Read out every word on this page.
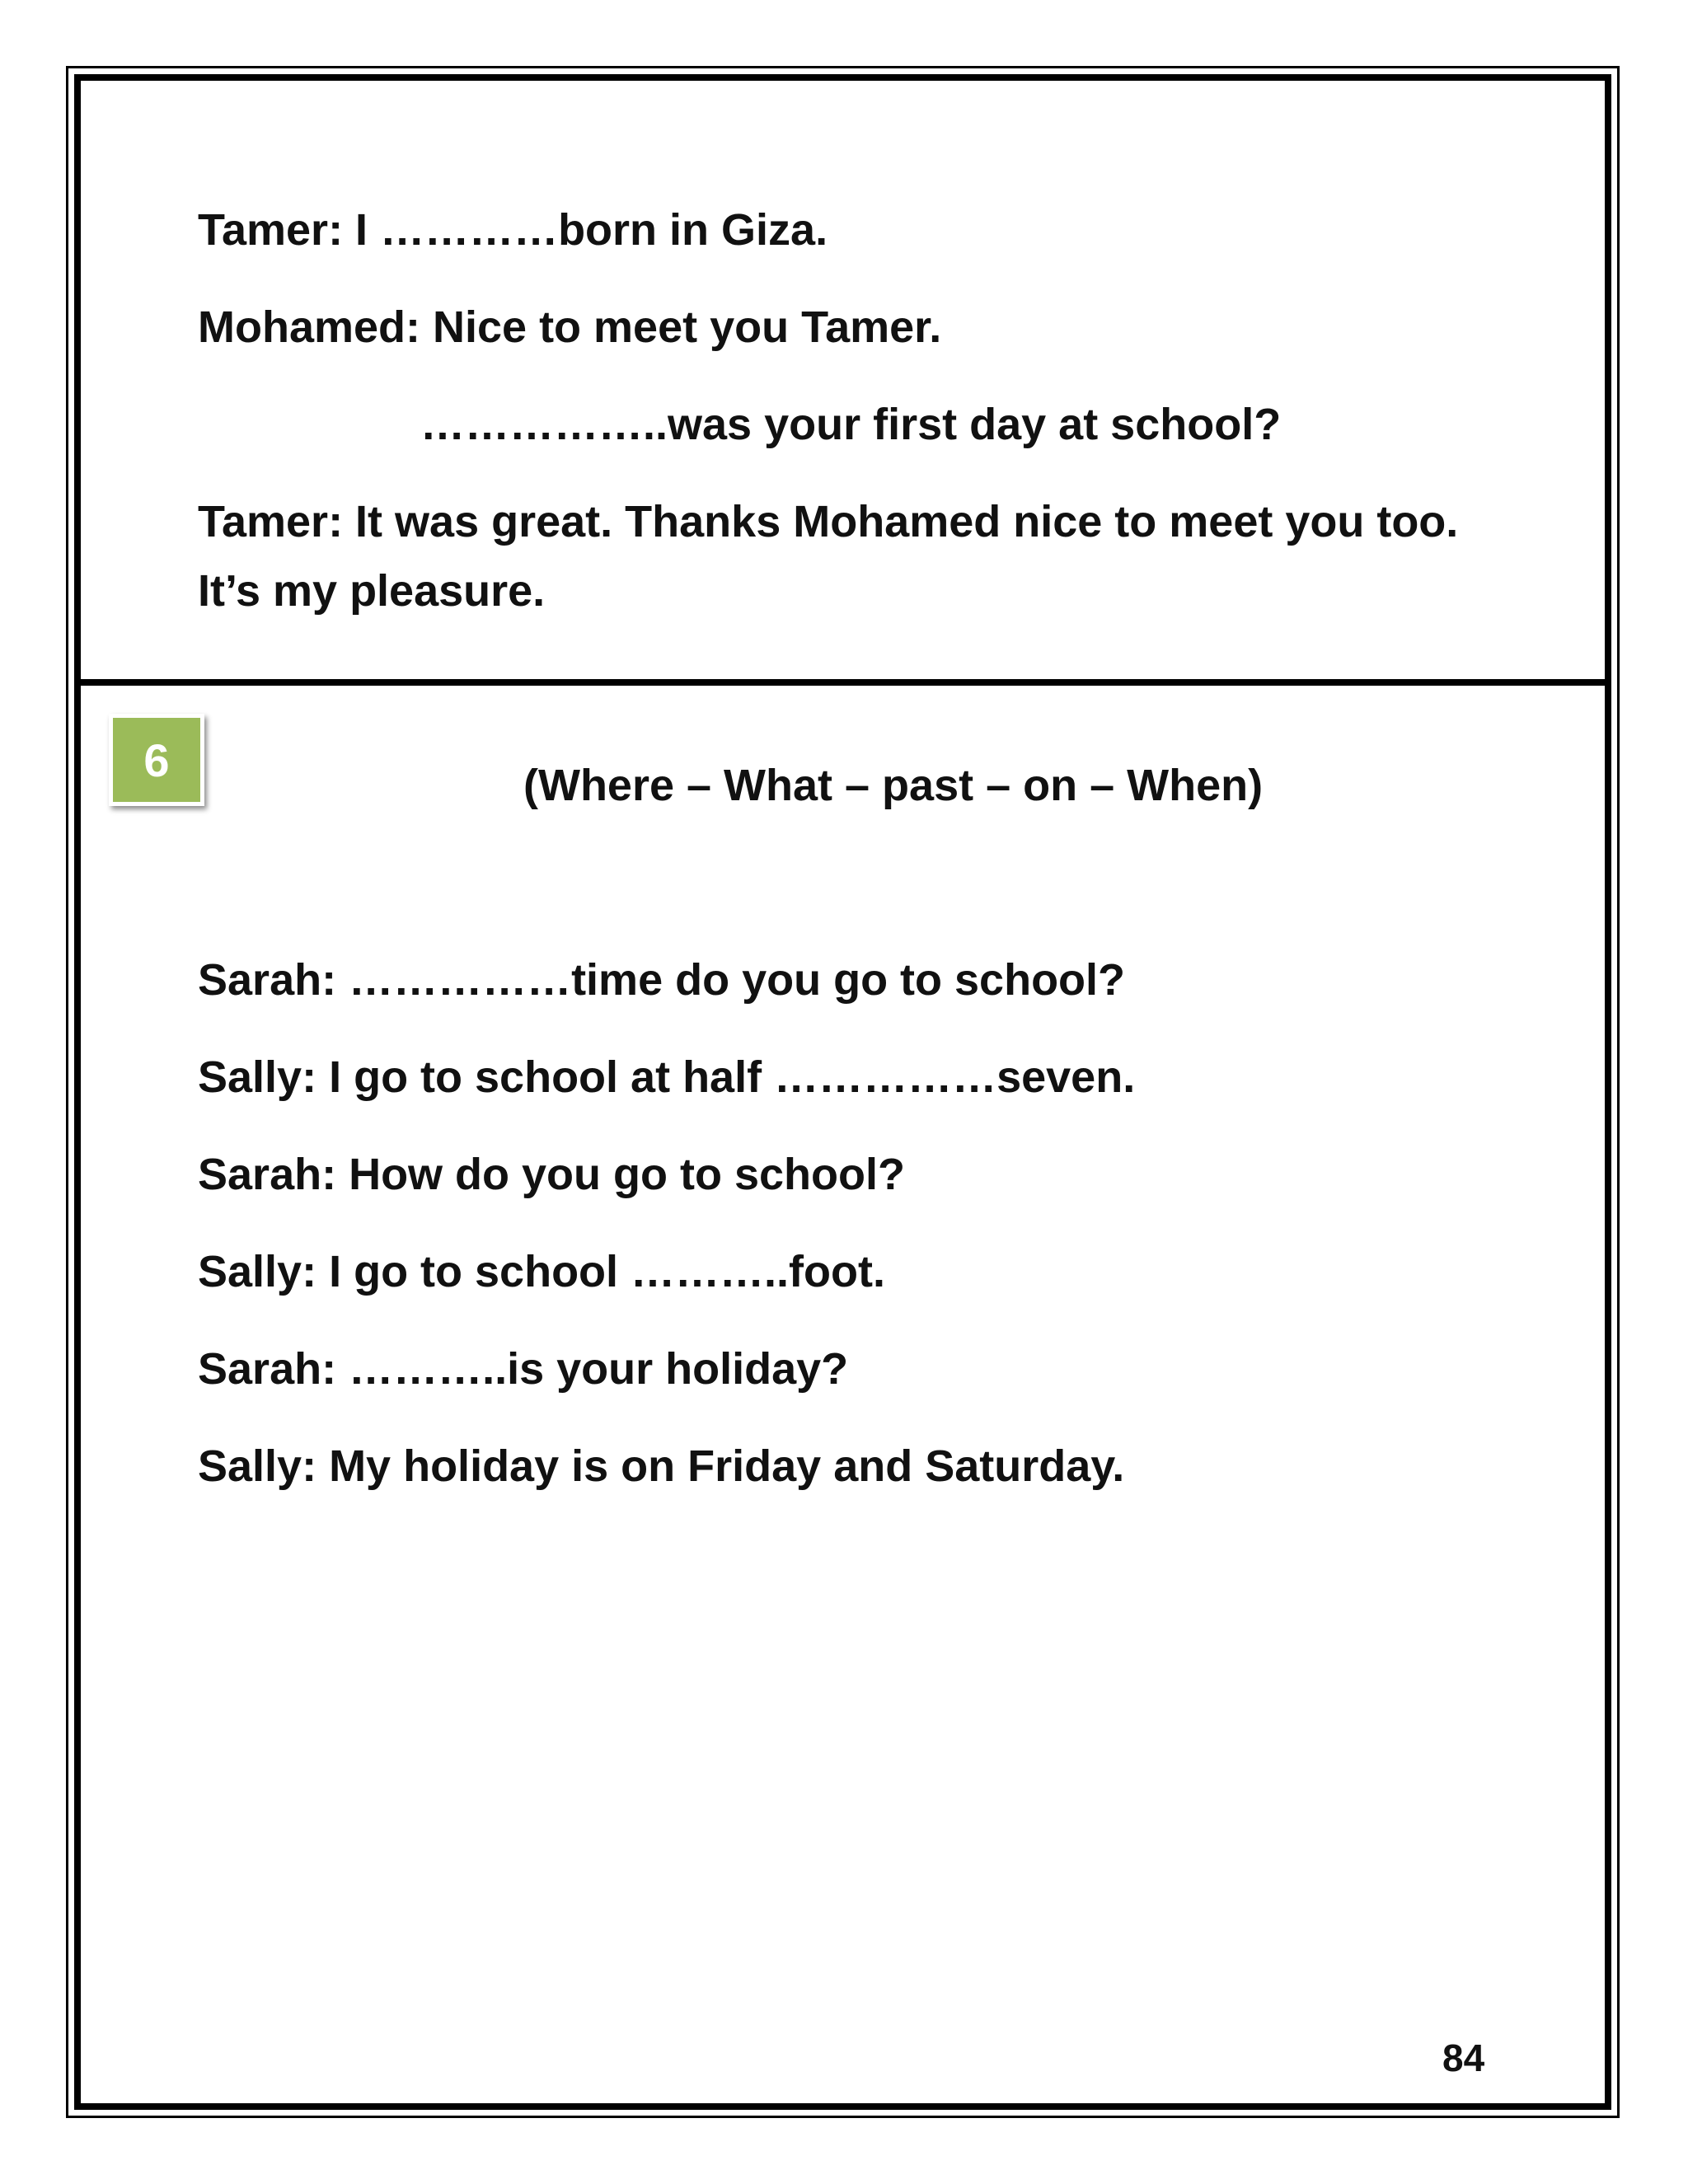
Tamer: I …………born in Giza.
Mohamed: Nice to meet you Tamer.
……………..was your first day at school?
Tamer: It was great. Thanks Mohamed nice to meet you too.
It’s my pleasure.
6	(Where – What – past – on – When)
Sarah: ……………time do you go to school?
Sally: I go to school at half ……………seven.
Sarah: How do you go to school?
Sally: I go to school ………..foot.
Sarah: ………..is your holiday?
Sally: My holiday is on Friday and Saturday.
84
